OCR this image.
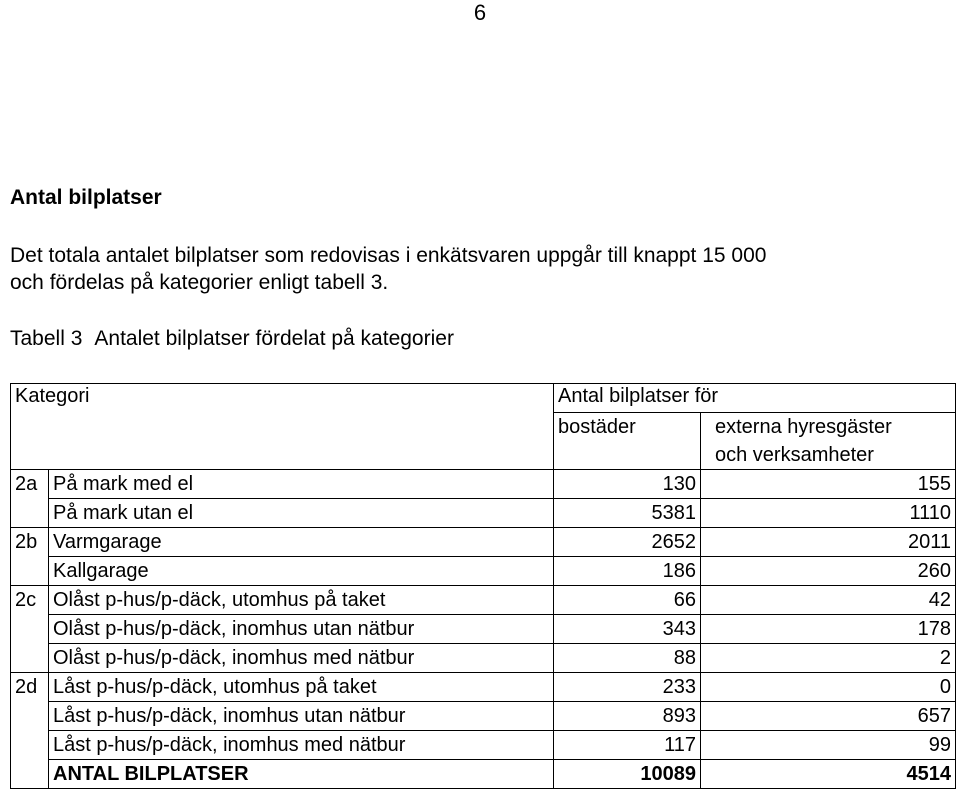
6
Antal bilplatser

Det totala antalet bilplatser som redovisas i enkätsvaren uppgår till knappt 15 000
och fördelas på kategorier enligt tabell 3.

Tabell 3 Antalet bilplatser fördelat på kategorier

Kategori		Antal bilplatser för	
		bostäder	externa hyresgäster
			och verksamheter
2a	På mark med el	130	155
	På mark utan el	5381	1110
2b	Varmgarage	2652	2011
	Kallgarage	186	260
2c	Olåst p-hus/p-däck, utomhus på taket	66	42
	Olåst p-hus/p-däck, inomhus utan nätbur	343	178
	Olåst p-hus/p-däck, inomhus med nätbur	88	2
2d	Låst p-hus/p-däck, utomhus på taket	233	0
	Låst p-hus/p-däck, inomhus utan nätbur	893	657
	Låst p-hus/p-däck, inomhus med nätbur	117	99
	ANTAL BILPLATSER	10089	4514
